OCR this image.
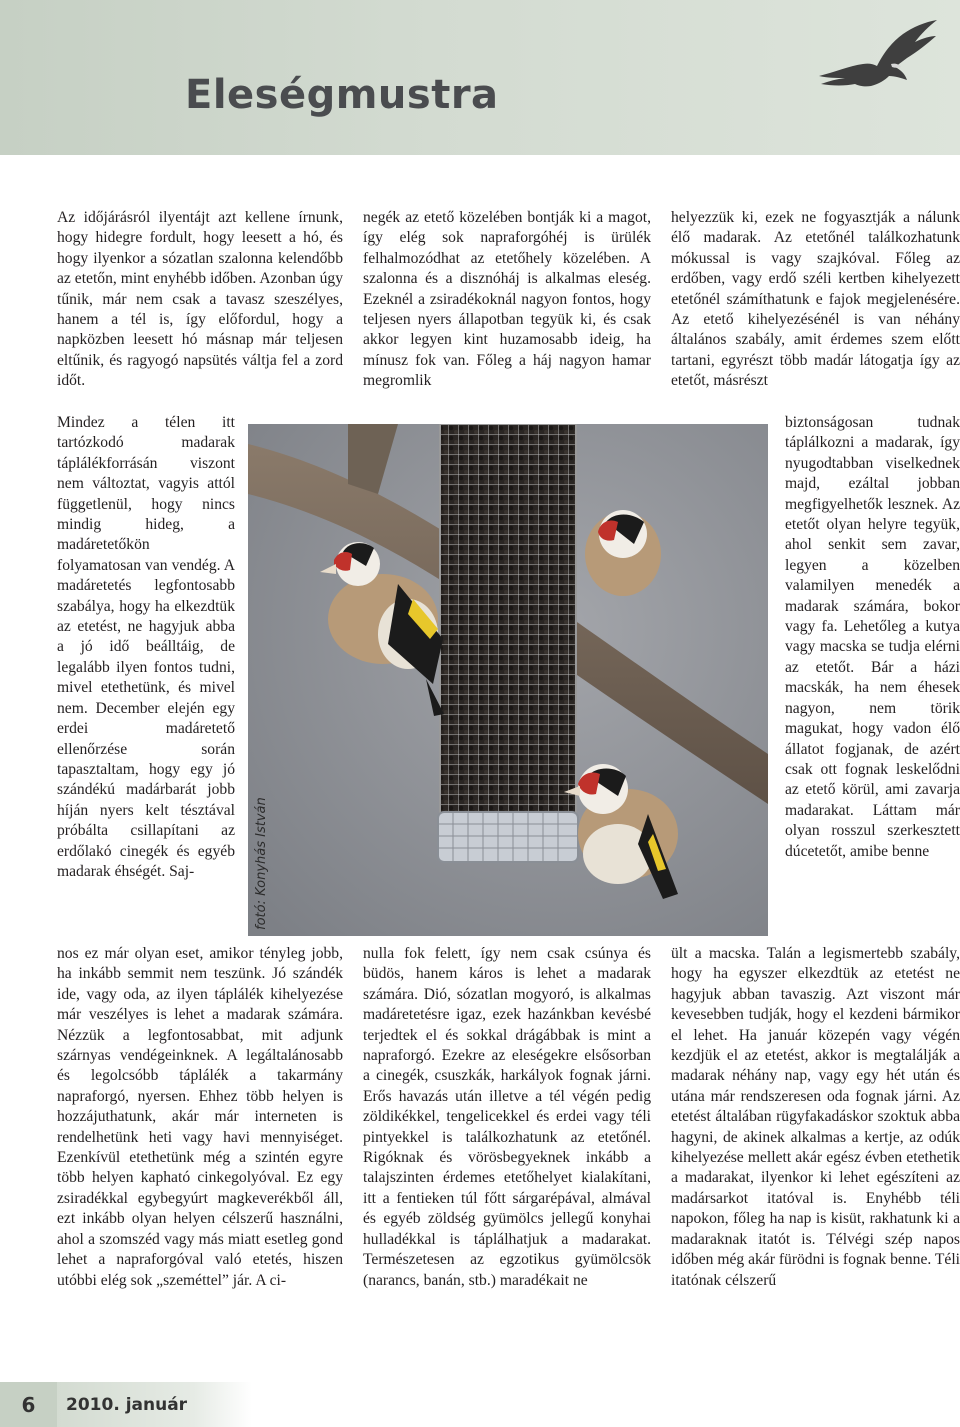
Eleségmustra

Az időjárásról ilyentájt azt kellene írnunk, hogy hidegre fordult, hogy leesett a hó, és hogy ilyenkor a sózatlan szalonna kelendőbb az etetőn, mint enyhébb időben. Azonban úgy tűnik, már nem csak a tavasz szeszélyes, hanem a tél is, így előfordul, hogy a napközben leesett hó másnap már teljesen eltűnik, és ragyogó napsütés váltja fel a zord időt.

Mindez a télen itt tartózkodó madarak táplálékforrásán viszont nem változtat, vagyis attól függetlenül, hogy nincs mindig hideg, a madáretetőkön folyamatosan van vendég. A madáretetés legfontosabb szabálya, hogy ha elkezdtük az etetést, ne hagyjuk abba a jó idő beálltáig, de legalább ilyen fontos tudni, mivel etethetünk, és mivel nem. December elején egy erdei madáretető ellenőrzése során tapasztaltam, hogy egy jó szándékú madárbarát jobb híján nyers kelt tésztával próbálta csillapítani az erdőlakó cinegék és egyéb madarak éhségét. Saj-

nos ez már olyan eset, amikor tényleg jobb, ha inkább semmit nem teszünk. Jó szándék ide, vagy oda, az ilyen táplálék kihelyezése már veszélyes is lehet a madarak számára. Nézzük a legfontosabbat, mit adjunk szárnyas vendégeinknek. A legáltalánosabb és legolcsóbb táplálék a takarmány napraforgó, nyersen. Ehhez több helyen is hozzájuthatunk, akár már interneten is rendelhetünk heti vagy havi mennyiséget. Ezenkívül etethetünk még a szintén egyre több helyen kapható cinkegolyóval. Ez egy zsiradékkal egybegyúrt magkeverékből áll, ezt inkább olyan helyen célszerű használni, ahol a szomszéd vagy más miatt esetleg gond lehet a napraforgóval való etetés, hiszen utóbbi elég sok „szeméttel” jár. A ci-

negék az etető közelében bontják ki a magot, így elég sok napraforgóhéj is ürülék felhalmozódhat az etetőhely közelében. A szalonna és a disznóháj is alkalmas eleség. Ezeknél a zsiradékoknál nagyon fontos, hogy teljesen nyers állapotban tegyük ki, és csak akkor legyen kint huzamosabb ideig, ha mínusz fok van. Főleg a háj nagyon hamar megromlik

nulla fok felett, így nem csak csúnya és büdös, hanem káros is lehet a madarak számára. Dió, sózatlan mogyoró, is alkalmas madáretetésre igaz, ezek hazánkban kevésbé terjedtek el és sokkal drágábbak is mint a napraforgó. Ezekre az eleségekre elsősorban a cinegék, csuszkák, harkályok fognak járni. Erős havazás után illetve a tél végén pedig zöldikékkel, tengelicekkel és erdei vagy téli pintyekkel is találkozhatunk az etetőnél. Rigóknak és vörösbegyeknek inkább a talajszinten érdemes etetőhelyet kialakítani, itt a fentieken túl főtt sárgarépával, almával és egyéb zöldség gyümölcs jellegű konyhai hulladékkal is táplálhatjuk a madarakat. Természetesen az egzotikus gyümölcsök (narancs, banán, stb.) maradékait ne

helyezzük ki, ezek ne fogyasztják a nálunk élő madarak. Az etetőnél találkozhatunk mókussal is vagy szajkóval. Főleg az erdőben, vagy erdő széli kertben kihelyezett etetőnél számíthatunk e fajok megjelenésére. Az etető kihelyezésénél is van néhány általános szabály, amit érdemes szem előtt tartani, egyrészt több madár látogatja így az etetőt, másrészt

biztonságosan tudnak táplálkozni a madarak, így nyugodtabban viselkednek majd, ezáltal jobban megfigyelhetők lesznek. Az etetőt olyan helyre tegyük, ahol senkit sem zavar, legyen a közelben valamilyen menedék a madarak számára, bokor vagy fa. Lehetőleg a kutya vagy macska se tudja elérni az etetőt. Bár a házi macskák, ha nem éhesek nagyon, nem törik magukat, hogy vadon élő állatot fogjanak, de azért csak ott fognak leskelődni az etető körül, ami zavarja madarakat. Láttam már olyan rosszul szerkesztett dúcetetőt, amibe benne

ült a macska. Talán a legismertebb szabály, hogy ha egyszer elkezdtük az etetést ne hagyjuk abban tavaszig. Azt viszont már kevesebben tudják, hogy el kezdeni bármikor el lehet. Ha január közepén vagy végén kezdjük el az etetést, akkor is megtalálják a madarak néhány nap, vagy egy hét után és utána már rendszeresen oda fognak járni. Az etetést általában rügyfakadáskor szoktuk abba hagyni, de akinek alkalmas a kertje, az odúk kihelyezése mellett akár egész évben etethetik a madarakat, ilyenkor ki lehet egészíteni az madársarkot itatóval is. Enyhébb téli napokon, főleg ha nap is kisüt, rakhatunk ki a madaraknak itatót is. Télvégi szép napos időben még akár fürödni is fognak benne. Téli itatónak célszerű

fotó: Konyhás István
6	2010. január
